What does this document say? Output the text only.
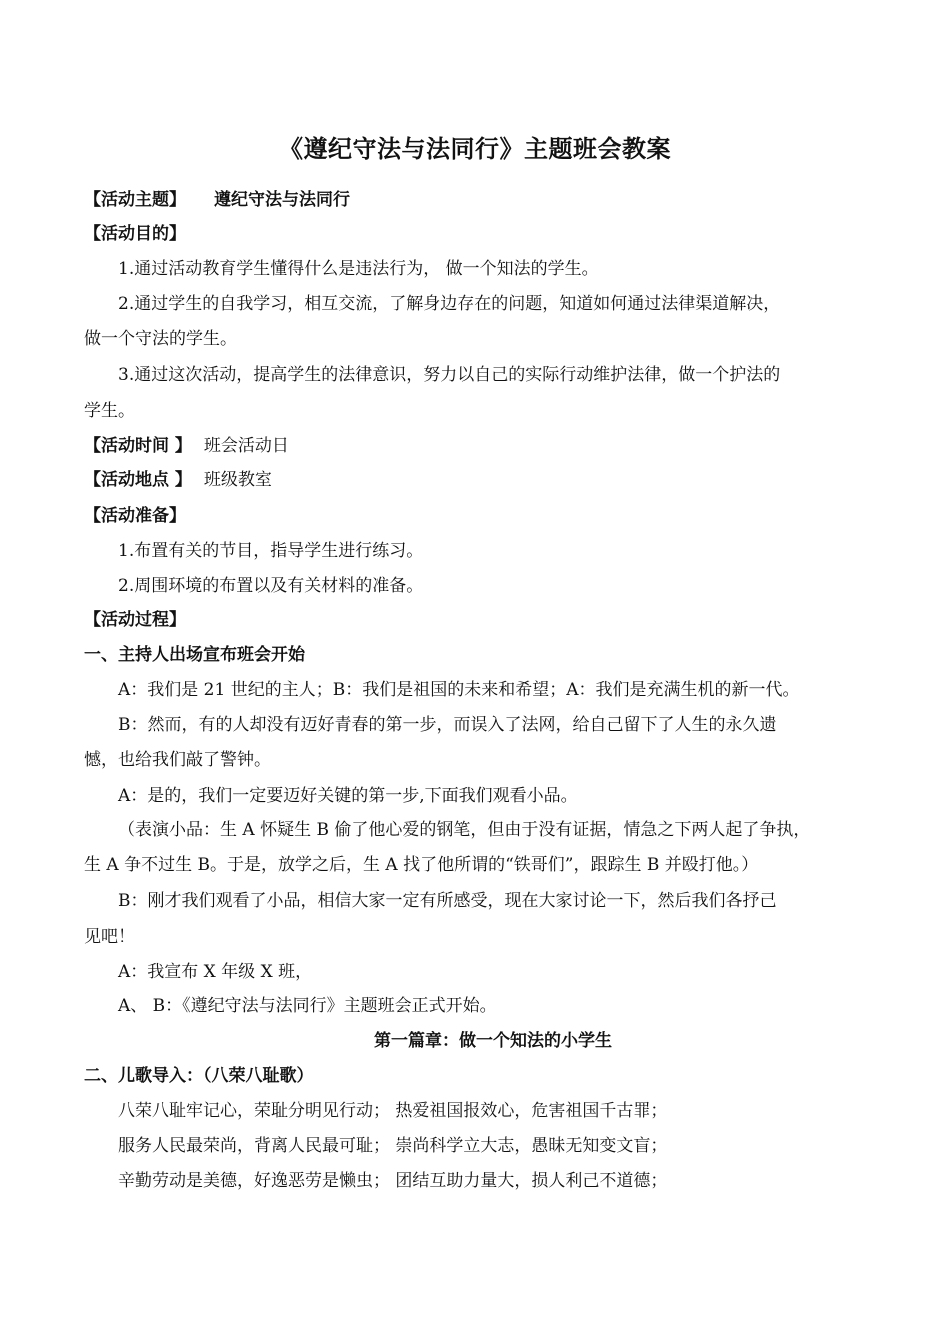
《遵纪守法与法同行》主题班会教案
【活动主题】 遵纪守法与法同行
【活动目的】
1.通过活动教育学生懂得什么是违法行为， 做一个知法的学生。
2.通过学生的自我学习，相互交流，了解身边存在的问题，知道如何通过法律渠道解决，
做一个守法的学生。
3.通过这次活动，提高学生的法律意识，努力以自己的实际行动维护法律，做一个护法的
学生。
【活动时间 】 班会活动日
【活动地点 】 班级教室
【活动准备】
1.布置有关的节目，指导学生进行练习。
2.周围环境的布置以及有关材料的准备。
【活动过程】
一、主持人出场宣布班会开始
A：我们是 21 世纪的主人；B：我们是祖国的未来和希望；A：我们是充满生机的新一代。
B：然而，有的人却没有迈好青春的第一步，而误入了法网，给自己留下了人生的永久遗
憾，也给我们敲了警钟。
A：是的，我们一定要迈好关键的第一步,下面我们观看小品。
（表演小品：生 A 怀疑生 B 偷了他心爱的钢笔，但由于没有证据，情急之下两人起了争执，
生 A 争不过生 B。于是，放学之后，生 A 找了他所谓的“铁哥们”，跟踪生 B 并殴打他。）
B：刚才我们观看了小品，相信大家一定有所感受，现在大家讨论一下，然后我们各抒己
见吧！
A：我宣布 X 年级 X 班，
A、 B：《遵纪守法与法同行》主题班会正式开始。
第一篇章：做一个知法的小学生
二、儿歌导入：（八荣八耻歌）
八荣八耻牢记心，荣耻分明见行动； 热爱祖国报效心，危害祖国千古罪；
服务人民最荣尚，背离人民最可耻； 崇尚科学立大志，愚昧无知变文盲；
辛勤劳动是美德，好逸恶劳是懒虫； 团结互助力量大，损人利己不道德；
